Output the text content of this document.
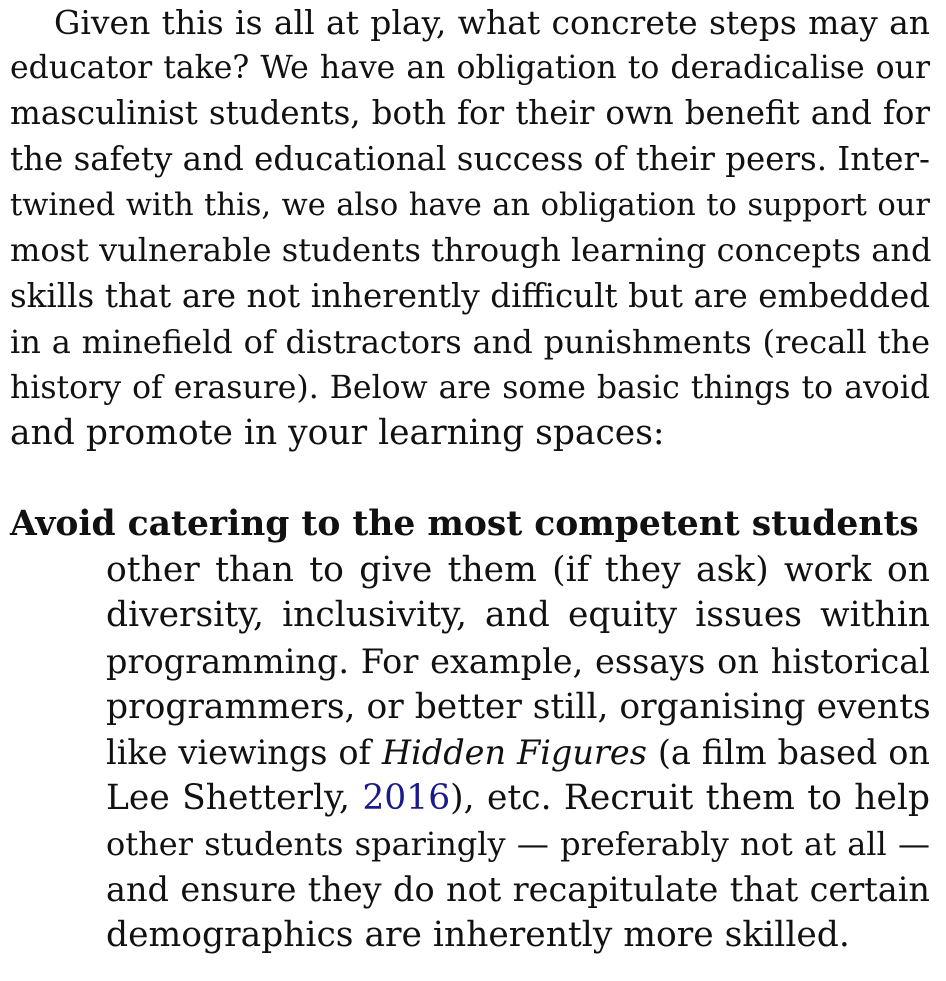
Given this is all at play, what concrete steps may an
educator take? We have an obligation to deradicalise our
masculinist students, both for their own benefit and for
the safety and educational success of their peers. Inter-
twined with this, we also have an obligation to support our
most vulnerable students through learning concepts and
skills that are not inherently difficult but are embedded
in a minefield of distractors and punishments (recall the
history of erasure). Below are some basic things to avoid
and promote in your learning spaces:
Avoid catering to the most competent students
other than to give them (if they ask) work on
diversity, inclusivity, and equity issues within
programming. For example, essays on historical
programmers, or better still, organising events
like viewings of Hidden Figures (a film based on
Lee Shetterly, 2016), etc. Recruit them to help
other students sparingly — preferably not at all —
and ensure they do not recapitulate that certain
demographics are inherently more skilled.
